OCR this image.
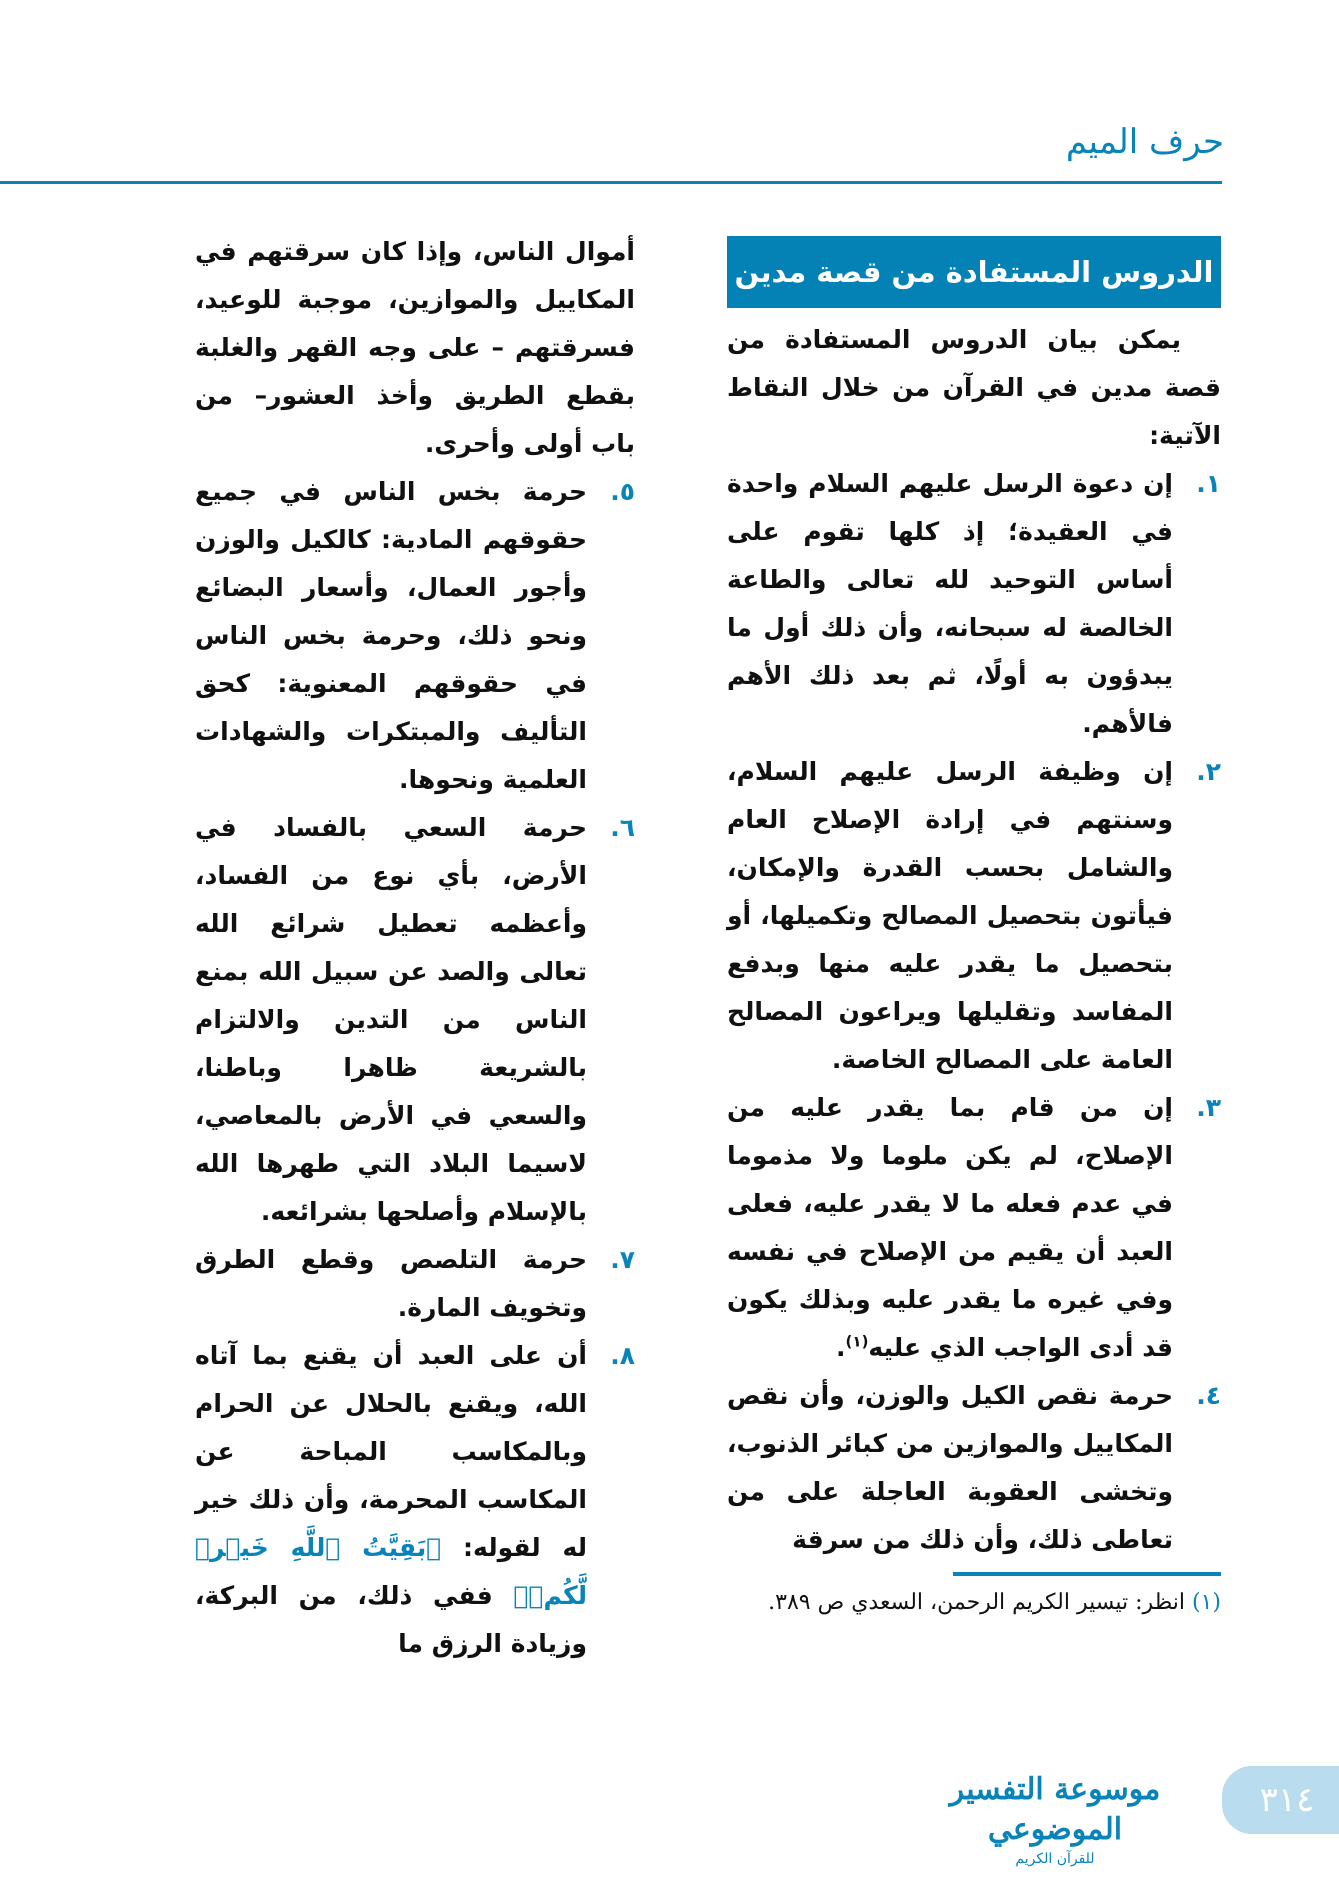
حرف الميم
الدروس المستفادة من قصة مدين

يمكن بيان الدروس المستفادة من قصة مدين في القرآن من خلال النقاط الآتية:

١.
إن دعوة الرسل عليهم السلام واحدة في العقيدة؛ إذ كلها تقوم على أساس التوحيد لله تعالى والطاعة الخالصة له سبحانه، وأن ذلك أول ما يبدؤون به أولًا، ثم بعد ذلك الأهم فالأهم.

٢.
إن وظيفة الرسل عليهم السلام، وسنتهم في إرادة الإصلاح العام والشامل بحسب القدرة والإمكان، فيأتون بتحصيل المصالح وتكميلها، أو بتحصيل ما يقدر عليه منها وبدفع المفاسد وتقليلها ويراعون المصالح العامة على المصالح الخاصة.

٣.
إن من قام بما يقدر عليه من الإصلاح، لم يكن ملوما ولا مذموما في عدم فعله ما لا يقدر عليه، فعلى العبد أن يقيم من الإصلاح في نفسه وفي غيره ما يقدر عليه وبذلك يكون قد أدى الواجب الذي عليه$^{(١)}$.

٤.
حرمة نقص الكيل والوزن، وأن نقص المكاييل والموازين من كبائر الذنوب، وتخشى العقوبة العاجلة على من تعاطى ذلك، وأن ذلك من سرقة

(١) انظر: تيسير الكريم الرحمن، السعدي ص ٣٨٩.

أموال الناس، وإذا كان سرقتهم في المكاييل والموازين، موجبة للوعيد، فسرقتهم – على وجه القهر والغلبة بقطع الطريق وأخذ العشور– من باب أولى وأحرى.

٥.
حرمة بخس الناس في جميع حقوقهم المادية: كالكيل والوزن وأجور العمال، وأسعار البضائع ونحو ذلك، وحرمة بخس الناس في حقوقهم المعنوية: كحق التأليف والمبتكرات والشهادات العلمية ونحوها.

٦.
حرمة السعي بالفساد في الأرض، بأي نوع من الفساد، وأعظمه تعطيل شرائع الله تعالى والصد عن سبيل الله بمنع الناس من التدين والالتزام بالشريعة ظاهرا وباطنا، والسعي في الأرض بالمعاصي، لاسيما البلاد التي طهرها الله بالإسلام وأصلحها بشرائعه.

٧.
حرمة التلصص وقطع الطرق وتخويف المارة.

٨.
أن على العبد أن يقنع بما آتاه الله، ويقنع بالحلال عن الحرام وبالمكاسب المباحة عن المكاسب المحرمة، وأن ذلك خير له لقوله: ﴿بَقِيَّتُ ٱللَّهِ خَيۡرٞ لَّكُمۡ﴾ ففي ذلك، من البركة، وزيادة الرزق ما

موسوعة التفسير الموضوعي
للقرآن الكريم
٣١٤
